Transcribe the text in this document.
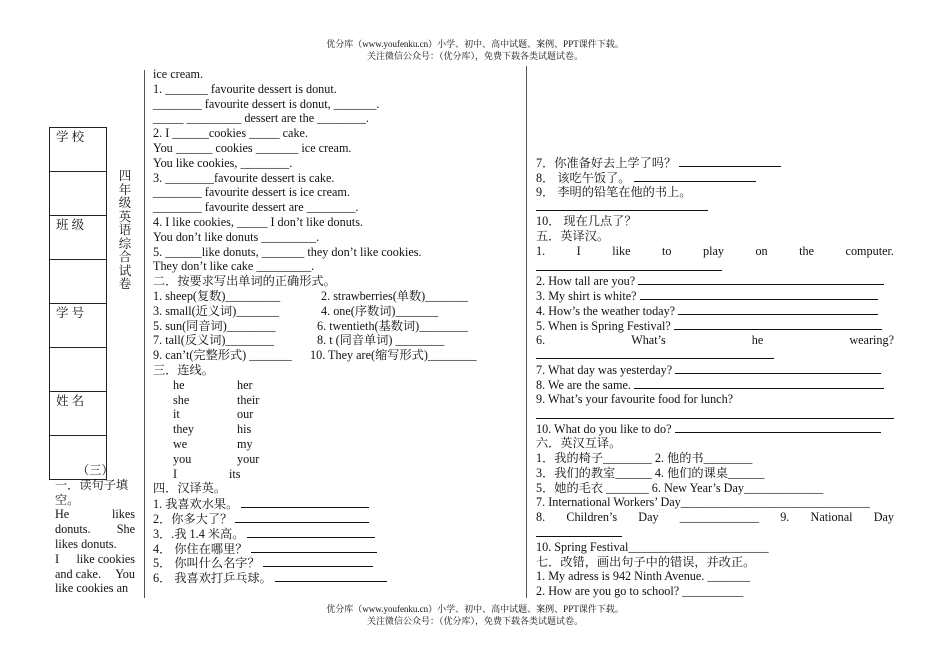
优分库（www.youfenku.cn）小学、初中、高中试题、案例、PPT课件下载。
关注微信公众号：（优分库），免费下载各类试题试卷。
学 校

班 级

学 号

姓 名

四
年
级
英
语
综
合
试
卷
（三）
一．读句子填空。
He	likes
donuts. She
likes donuts.
I like cookies
and cake. You
like cookies an
ice cream.
1. _______ favourite dessert is donut.
________ favourite dessert is donut, _______.
_____ _________ dessert are the ________.
2. I ______cookies _____ cake.
You ______ cookies _______ ice cream.
You like cookies, ________.
3. ________favourite dessert is cake.
________ favourite dessert is ice cream.
________ favourite dessert are ________.
4. I like cookies, _____ I don’t like donuts.
You don’t like donuts _________.
5. ______like donuts, _______ they don’t like cookies.
They don’t like cake _________.
二．按要求写出单词的正确形式。
1. sheep(复数)_________	2. strawberries(单数)_______
3. small(近义词)_______	4. one(序数词)_______
5. sun(同音词)________	6. twentieth(基数词)________
7. tall(反义词)________	8. t (同音单词) ________
9. can’t(完整形式) _______	10. They are(缩写形式)________
三．连线。
he	her
she	their
it	our
they	his
we	my
you	your
I	its
四．汉译英。
1. 我喜欢水果。
2．你多大了？
3．.我 1.4 米高。
4． 你住在哪里？
5． 你叫什么名字？
6． 我喜欢打乒乓球。
7．你准备好去上学了吗？
8． 该吃午饭了。
9． 李明的铅笔在他的书上。
10． 现在几点了？
五．英译汉。
1.	I	like	to	play	on	the	computer.
2. How tall are you?
3. My shirt is white?
4. How’s the weather today?
5. When is Spring Festival?
6.	What’s	he	wearing?
7. What day was yesterday?
8. We are the same.
9. What’s your favourite food for lunch?
10. What do you like to do?
六．英汉互译。
1．我的椅子________ 2. 他的书________
3．我们的教室______ 4. 他们的课桌______
5．她的毛衣 _______ 6. New Year’s Day_____________
7. International Workers’ Day_______________________________
8. Children’s Day _____________ 9. National Day
10. Spring Festival_______________________
七．改错，画出句子中的错误，并改正。
1. My adress is 942 Ninth Avenue. _______
2. How are you go to school? __________
优分库（www.youfenku.cn）小学、初中、高中试题、案例、PPT课件下载。
关注微信公众号：（优分库），免费下载各类试题试卷。
